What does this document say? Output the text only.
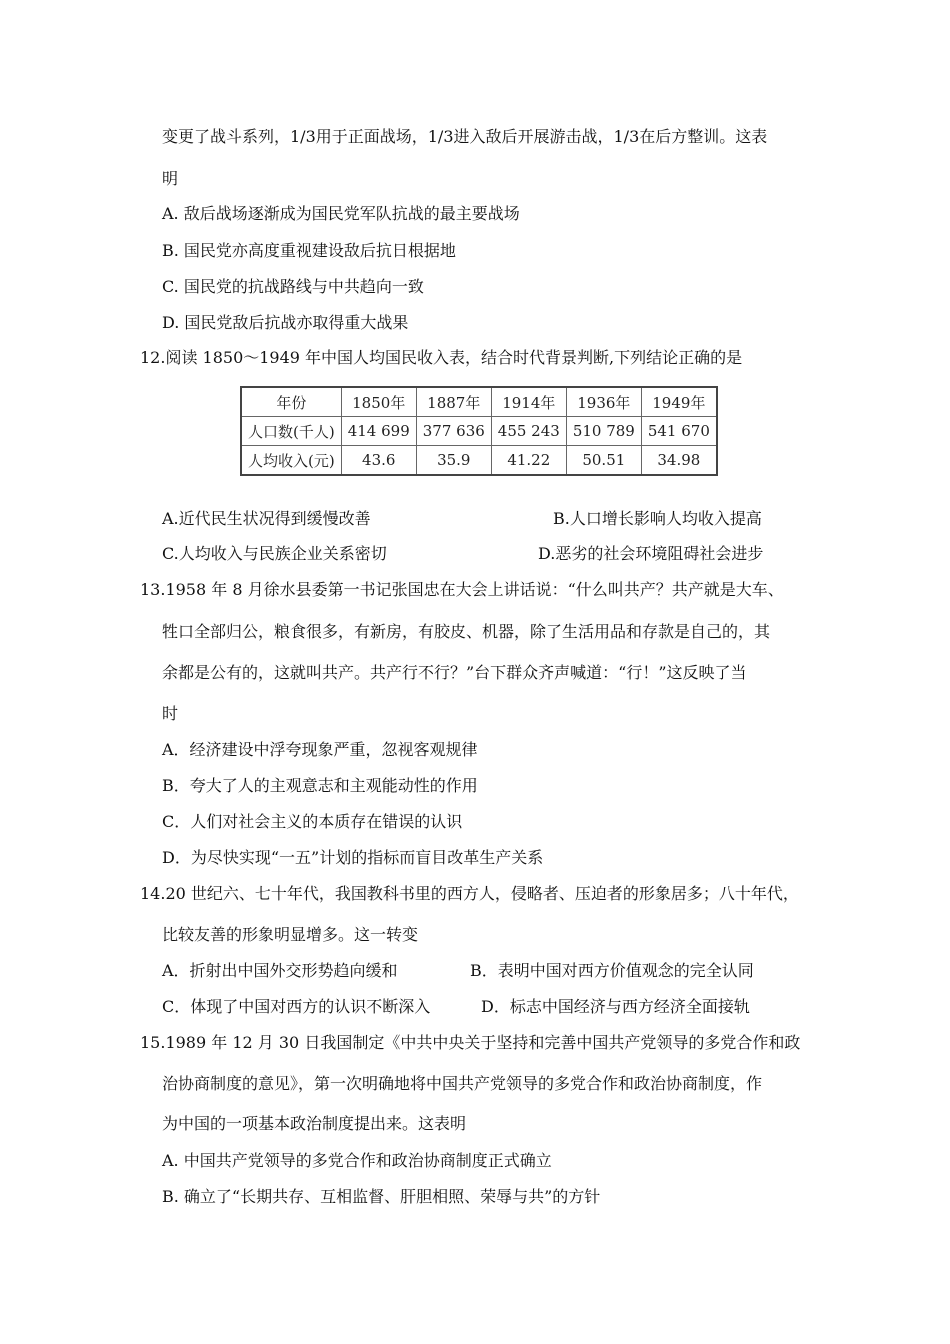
变更了战斗系列，1/3用于正面战场，1/3进入敌后开展游击战，1/3在后方整训。这表
明
A. 敌后战场逐渐成为国民党军队抗战的最主要战场
B. 国民党亦高度重视建设敌后抗日根据地
C. 国民党的抗战路线与中共趋向一致
D. 国民党敌后抗战亦取得重大战果
12.阅读 1850～1949 年中国人均国民收入表，结合时代背景判断,下列结论正确的是
年份	1850年	1887年	1914年	1936年	1949年
人口数(千人)	414 699	377 636	455 243	510 789	541 670
人均收入(元)	43.6	35.9	41.22	50.51	34.98
A.近代民生状况得到缓慢改善	B.人口增长影响人均收入提高
C.人均收入与民族企业关系密切	D.恶劣的社会环境阻碍社会进步
13.1958 年 8 月徐水县委第一书记张国忠在大会上讲话说：“什么叫共产？共产就是大车、
牲口全部归公，粮食很多，有新房，有胶皮、机器，除了生活用品和存款是自己的，其
余都是公有的，这就叫共产。共产行不行？”台下群众齐声喊道：“行！”这反映了当
时
A．经济建设中浮夸现象严重，忽视客观规律
B．夸大了人的主观意志和主观能动性的作用
C．人们对社会主义的本质存在错误的认识
D．为尽快实现“一五”计划的指标而盲目改革生产关系
14.20 世纪六、七十年代，我国教科书里的西方人，侵略者、压迫者的形象居多；八十年代，
比较友善的形象明显增多。这一转变
A．折射出中国外交形势趋向缓和	B．表明中国对西方价值观念的完全认同
C．体现了中国对西方的认识不断深入	D．标志中国经济与西方经济全面接轨
15.1989 年 12 月 30 日我国制定《中共中央关于坚持和完善中国共产党领导的多党合作和政
治协商制度的意见》，第一次明确地将中国共产党领导的多党合作和政治协商制度，作
为中国的一项基本政治制度提出来。这表明
A. 中国共产党领导的多党合作和政治协商制度正式确立
B. 确立了“长期共存、互相监督、肝胆相照、荣辱与共”的方针
